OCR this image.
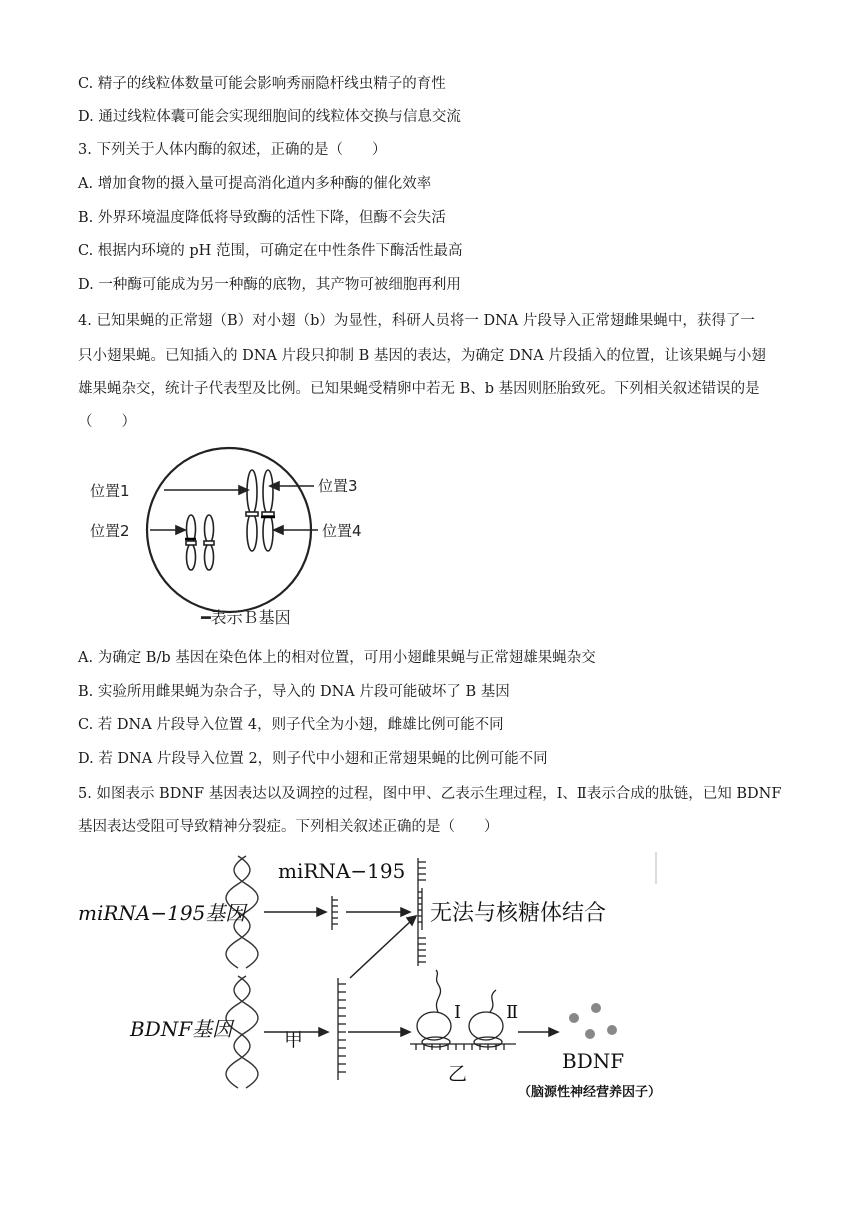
C. 精子的线粒体数量可能会影响秀丽隐杆线虫精子的育性
D. 通过线粒体囊可能会实现细胞间的线粒体交换与信息交流
3. 下列关于人体内酶的叙述，正确的是（　　）
A. 增加食物的摄入量可提高消化道内多种酶的催化效率
B. 外界环境温度降低将导致酶的活性下降，但酶不会失活
C. 根据内环境的 pH 范围，可确定在中性条件下酶活性最高
D. 一种酶可能成为另一种酶的底物，其产物可被细胞再利用
4. 已知果蝇的正常翅（B）对小翅（b）为显性，科研人员将一 DNA 片段导入正常翅雌果蝇中，获得了一
只小翅果蝇。已知插入的 DNA 片段只抑制 B 基因的表达，为确定 DNA 片段插入的位置，让该果蝇与小翅
雄果蝇杂交，统计子代表型及比例。已知果蝇受精卵中若无 B、b 基因则胚胎致死。下列相关叙述错误的是
（　　）
位置1
位置2
位置3
位置4
━表示Ｂ基因
A. 为确定 B/b 基因在染色体上的相对位置，可用小翅雌果蝇与正常翅雄果蝇杂交
B. 实验所用雌果蝇为杂合子，导入的 DNA 片段可能破坏了 B 基因
C. 若 DNA 片段导入位置 4，则子代全为小翅，雌雄比例可能不同
D. 若 DNA 片段导入位置 2，则子代中小翅和正常翅果蝇的比例可能不同
5. 如图表示 BDNF 基因表达以及调控的过程，图中甲、乙表示生理过程，Ⅰ、Ⅱ表示合成的肽链，已知 BDNF
基因表达受阻可导致精神分裂症。下列相关叙述正确的是（　　）
miRNA−195基因
miRNA−195
无法与核糖体结合
BDNF基因	甲
乙
Ⅰ Ⅱ
BDNF
（脑源性神经营养因子）
